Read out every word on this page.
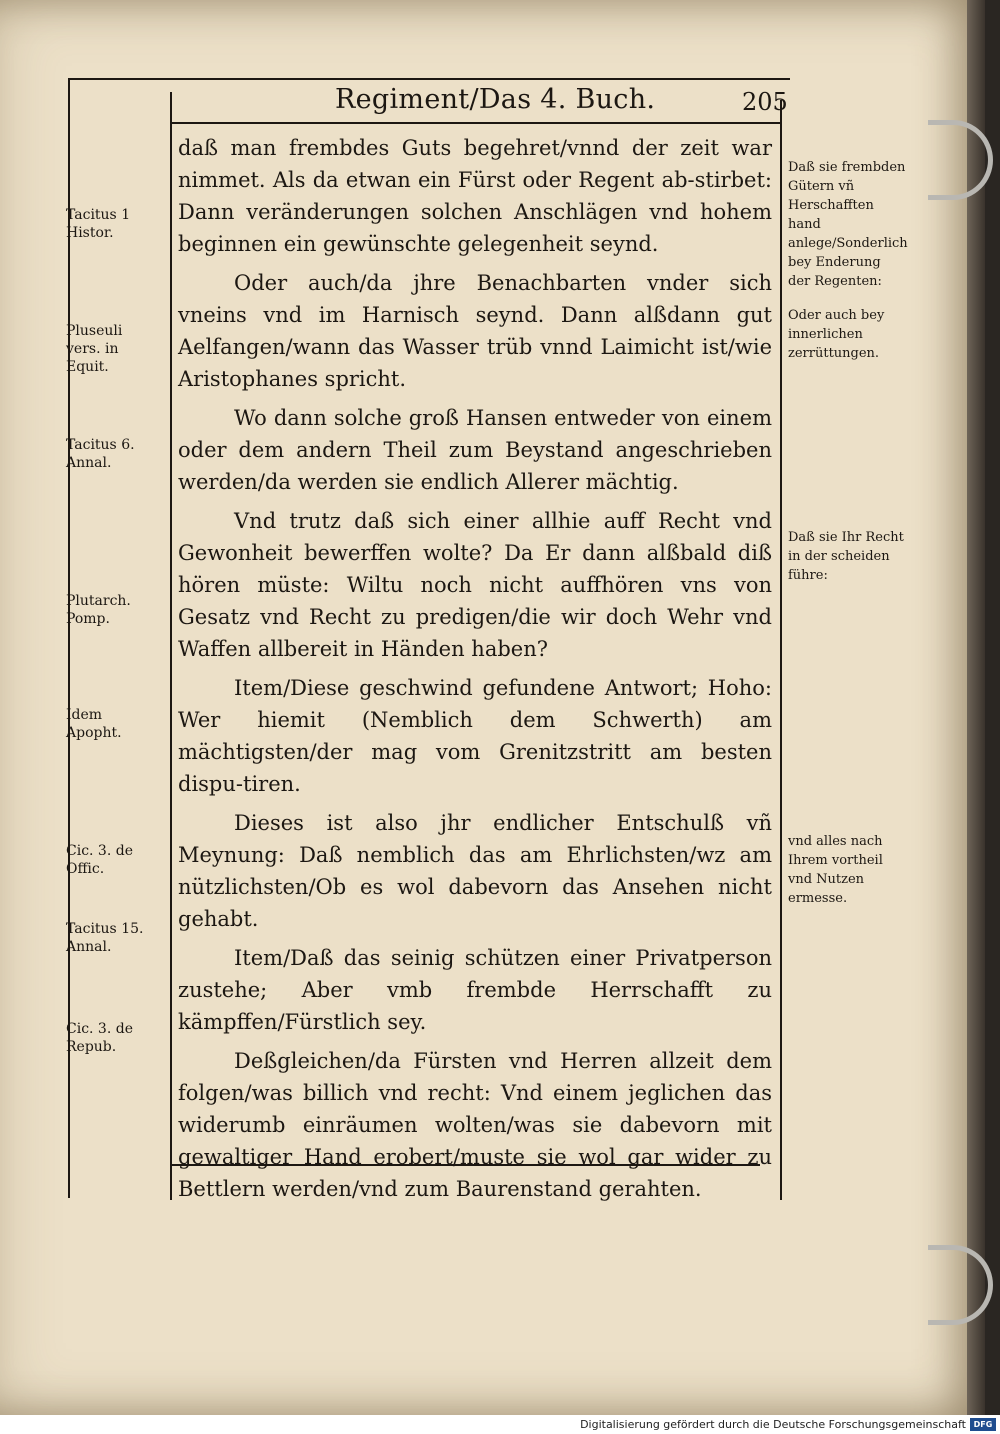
Regiment/Das 4. Buch.	205

daß man frembdes Guts begehret/vnnd der zeit war nimmet. Als da etwan ein Fürst oder Regent ab-stirbet: Dann veränderungen solchen Anschlägen vnd hohem beginnen ein gewünschte gelegenheit seynd.

Oder auch/da jhre Benachbarten vnder sich vneins vnd im Harnisch seynd. Dann alßdann gut Aelfangen/wann das Wasser trüb vnnd Laimicht ist/wie Aristophanes spricht.

Wo dann solche groß Hansen entweder von einem oder dem andern Theil zum Beystand angeschrieben werden/da werden sie endlich Allerer mächtig.

Vnd trutz daß sich einer allhie auff Recht vnd Gewonheit bewerffen wolte? Da Er dann alßbald diß hören müste: Wiltu noch nicht auffhören vns von Gesatz vnd Recht zu predigen/die wir doch Wehr vnd Waffen allbereit in Händen haben?

Item/Diese geschwind gefundene Antwort; Hoho: Wer hiemit (Nemblich dem Schwerth) am mächtigsten/der mag vom Grenitzstritt am besten dispu-tiren.

Dieses ist also jhr endlicher Entschulß vñ Meynung: Daß nemblich das am Ehrlichsten/wz am nützlichsten/Ob es wol dabevorn das Ansehen nicht gehabt.

Item/Daß das seinig schützen einer Privatperson zustehe; Aber vmb frembde Herrschafft zu kämpffen/Fürstlich sey.

Deßgleichen/da Fürsten vnd Herren allzeit dem folgen/was billich vnd recht: Vnd einem jeglichen das widerumb einräumen wolten/was sie dabevorn mit gewaltiger Hand erobert/muste sie wol gar wider zu Bettlern werden/vnd zum Baurenstand gerahten.

Tacitus 1 Histor.
Pluseuli vers. in Equit.
Tacitus 6. Annal.
Plutarch. Pomp.
Idem Apopht.
Cic. 3. de Offic.
Tacitus 15. Annal.
Cic. 3. de Repub.
Daß sie frembden Gütern vñ Herschafften hand anlege/Sonderlich bey Enderung der Regenten:
Oder auch bey innerlichen zerrüttungen.
Daß sie Ihr Recht in der scheiden führe:
vnd alles nach Ihrem vortheil vnd Nutzen ermesse.
Digitalisierung gefördert durch die Deutsche Forschungsgemeinschaft DFG
